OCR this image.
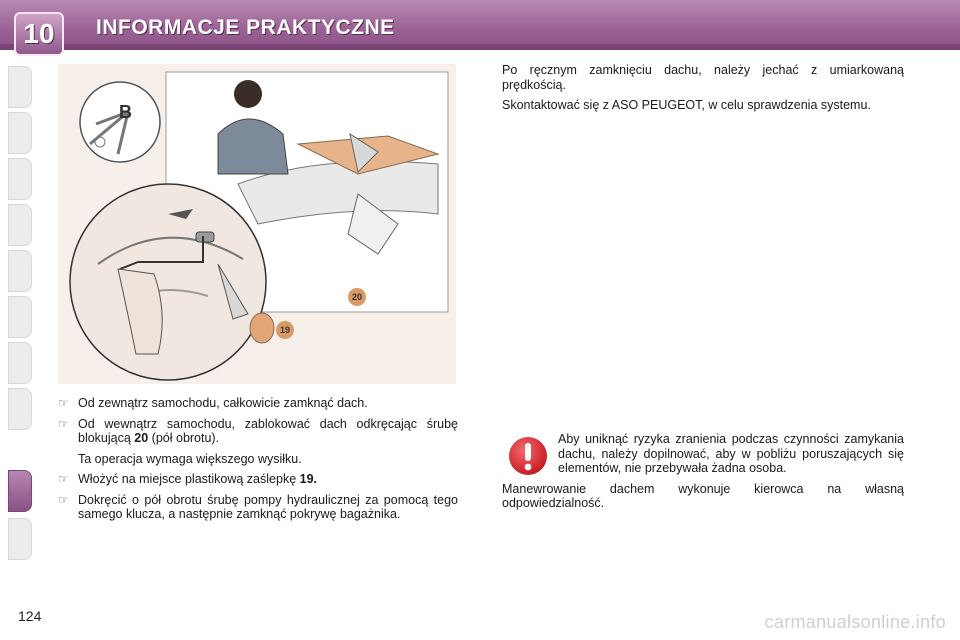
10	INFORMACJE PRAKTYCZNE
B
20
19
☞ Od zewnątrz samochodu, całkowicie zamknąć dach.
☞ Od wewnątrz samochodu, zablokować dach odkręcając śrubę blokującą 20 (pół obrotu).
Ta operacja wymaga większego wysiłku.
☞ Włożyć na miejsce plastikową zaślepkę 19.
☞ Dokręcić o pół obrotu śrubę pompy hydraulicznej za pomocą tego samego klucza, a następnie zamknąć pokrywę bagażnika.

Po ręcznym zamknięciu dachu, należy jechać z umiarkowaną prędkością.

Skontaktować się z ASO PEUGEOT, w celu sprawdzenia systemu.

Aby uniknąć ryzyka zranienia podczas czynności zamykania dachu, należy dopilnować, aby w pobliżu poruszających się elementów, nie przebywała żadna osoba.
Manewrowanie dachem wykonuje kierowca na własną odpowiedzialność.
124	carmanualsonline.info
